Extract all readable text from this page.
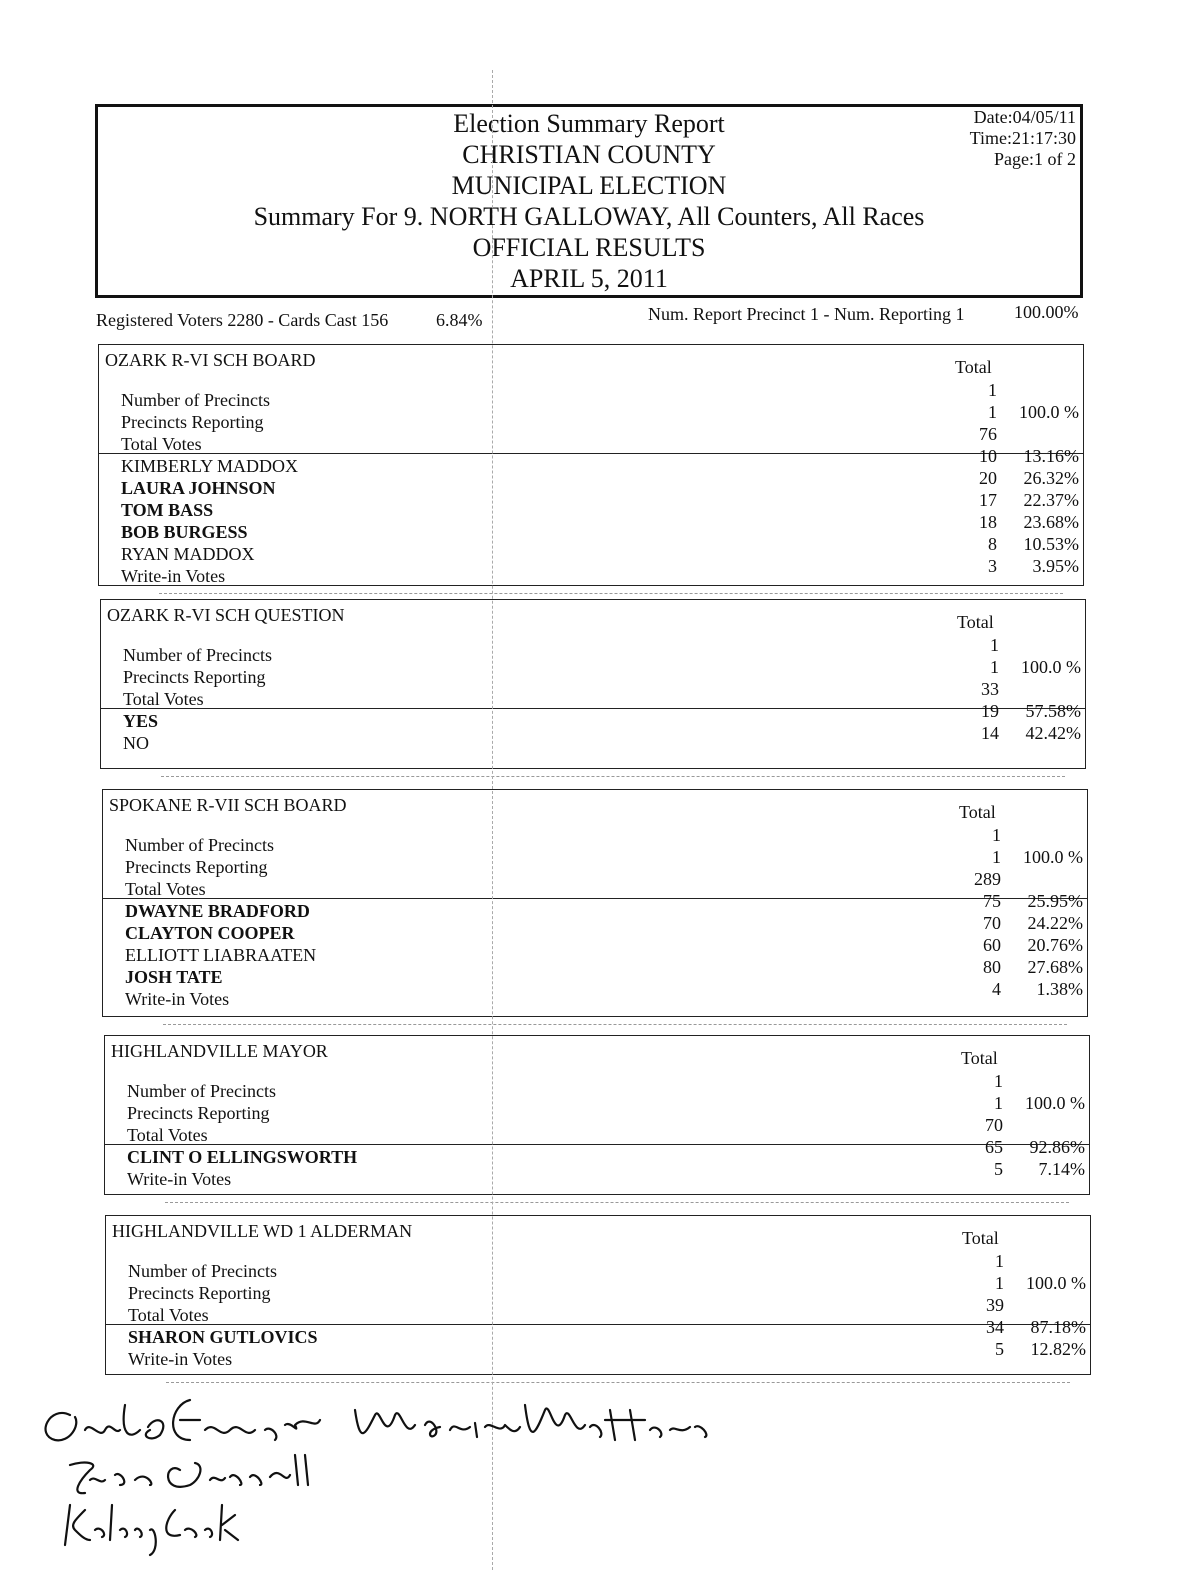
Election Summary Report
CHRISTIAN COUNTY
MUNICIPAL ELECTION
Summary For 9. NORTH GALLOWAY, All Counters, All Races
OFFICIAL RESULTS
APRIL 5, 2011
Date:04/05/11
Time:21:17:30
Page:1 of 2
Registered Voters 2280 - Cards Cast 156	6.84%	Num. Report Precinct 1 - Num. Reporting 1	100.00%
OZARK R-VI SCH BOARD	Total
Number of Precincts	1
Precincts Reporting	1	100.0 %
Total Votes	76
KIMBERLY MADDOX	10	13.16%
LAURA JOHNSON	20	26.32%
TOM BASS	17	22.37%
BOB BURGESS	18	23.68%
RYAN MADDOX	8	10.53%
Write-in Votes	3	3.95%
OZARK R-VI SCH QUESTION	Total
Number of Precincts	1
Precincts Reporting	1	100.0 %
Total Votes	33
YES	19	57.58%
NO	14	42.42%
SPOKANE R-VII SCH BOARD	Total
Number of Precincts	1
Precincts Reporting	1	100.0 %
Total Votes	289
DWAYNE BRADFORD	75	25.95%
CLAYTON COOPER	70	24.22%
ELLIOTT LIABRAATEN	60	20.76%
JOSH TATE	80	27.68%
Write-in Votes	4	1.38%
HIGHLANDVILLE MAYOR	Total
Number of Precincts	1
Precincts Reporting	1	100.0 %
Total Votes	70
CLINT O ELLINGSWORTH	65	92.86%
Write-in Votes	5	7.14%
HIGHLANDVILLE WD 1 ALDERMAN	Total
Number of Precincts	1
Precincts Reporting	1	100.0 %
Total Votes	39
SHARON GUTLOVICS	34	87.18%
Write-in Votes	5	12.82%
